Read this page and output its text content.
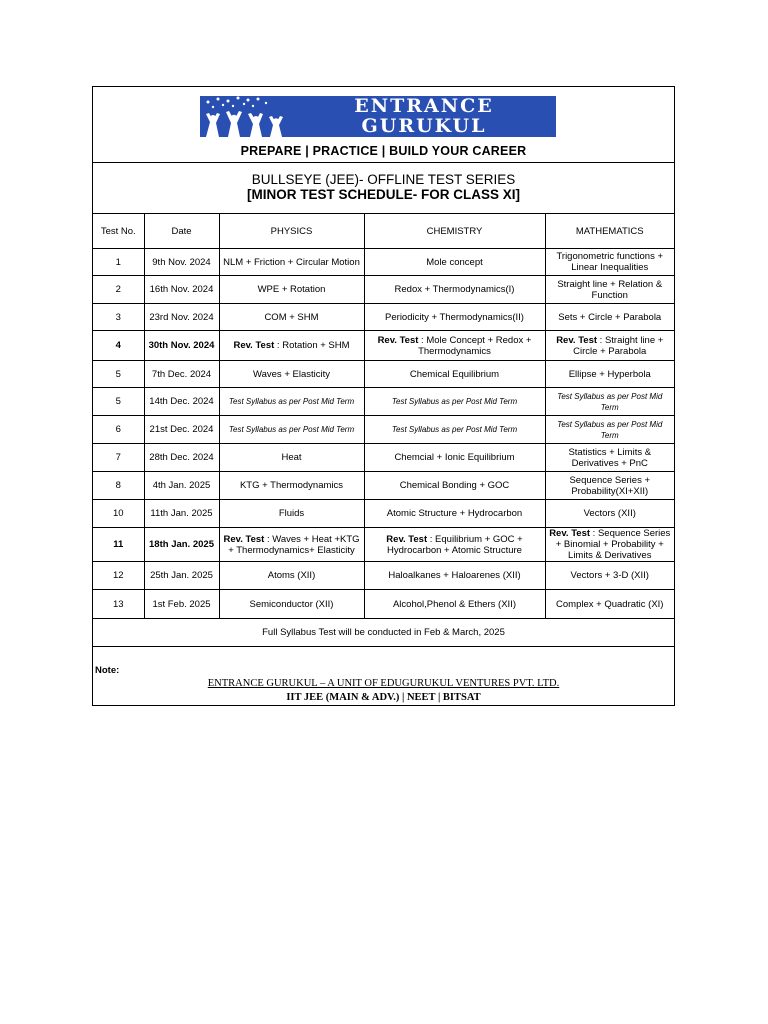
ENTRANCE
GURUKUL
PREPARE | PRACTICE | BUILD YOUR CAREER
BULLSEYE (JEE)- OFFLINE TEST SERIES
[MINOR TEST SCHEDULE- FOR CLASS XI]
Test No.	Date	PHYSICS	CHEMISTRY	MATHEMATICS
1	9th Nov. 2024	NLM + Friction + Circular Motion	Mole concept	Trigonometric functions + Linear Inequalities
2	16th Nov. 2024	WPE + Rotation	Redox + Thermodynamics(I)	Straight line + Relation & Function
3	23rd Nov. 2024	COM + SHM	Periodicity + Thermodynamics(II)	Sets + Circle + Parabola
4	30th Nov. 2024	Rev. Test : Rotation + SHM	Rev. Test : Mole Concept + Redox + Thermodynamics	Rev. Test : Straight line + Circle + Parabola
5	7th Dec. 2024	Waves + Elasticity	Chemical Equilibrium	Ellipse + Hyperbola
5	14th Dec. 2024	Test Syllabus as per Post Mid Term	Test Syllabus as per Post Mid Term	Test Syllabus as per Post Mid Term
6	21st Dec. 2024	Test Syllabus as per Post Mid Term	Test Syllabus as per Post Mid Term	Test Syllabus as per Post Mid Term
7	28th Dec. 2024	Heat	Chemcial + Ionic Equilibrium	Statistics + Limits & Derivatives + PnC
8	4th Jan. 2025	KTG + Thermodynamics	Chemical Bonding + GOC	Sequence Series + Probability(XI+XII)
10	11th Jan. 2025	Fluids	Atomic Structure + Hydrocarbon	Vectors (XII)
11	18th Jan. 2025	Rev. Test : Waves + Heat +KTG + Thermodynamics+ Elasticity	Rev. Test : Equilibrium + GOC + Hydrocarbon + Atomic Structure	Rev. Test : Sequence Series + Binomial + Probability + Limits & Derivatives
12	25th Jan. 2025	Atoms (XII)	Haloalkanes + Haloarenes (XII)	Vectors + 3-D (XII)
13	1st Feb. 2025	Semiconductor (XII)	Alcohol,Phenol & Ethers (XII)	Complex + Quadratic (XI)
Full Syllabus Test will be conducted in Feb & March, 2025
Note:
ENTRANCE GURUKUL – A UNIT OF EDUGURUKUL VENTURES PVT. LTD.
IIT JEE (MAIN & ADV.) | NEET | BITSAT
